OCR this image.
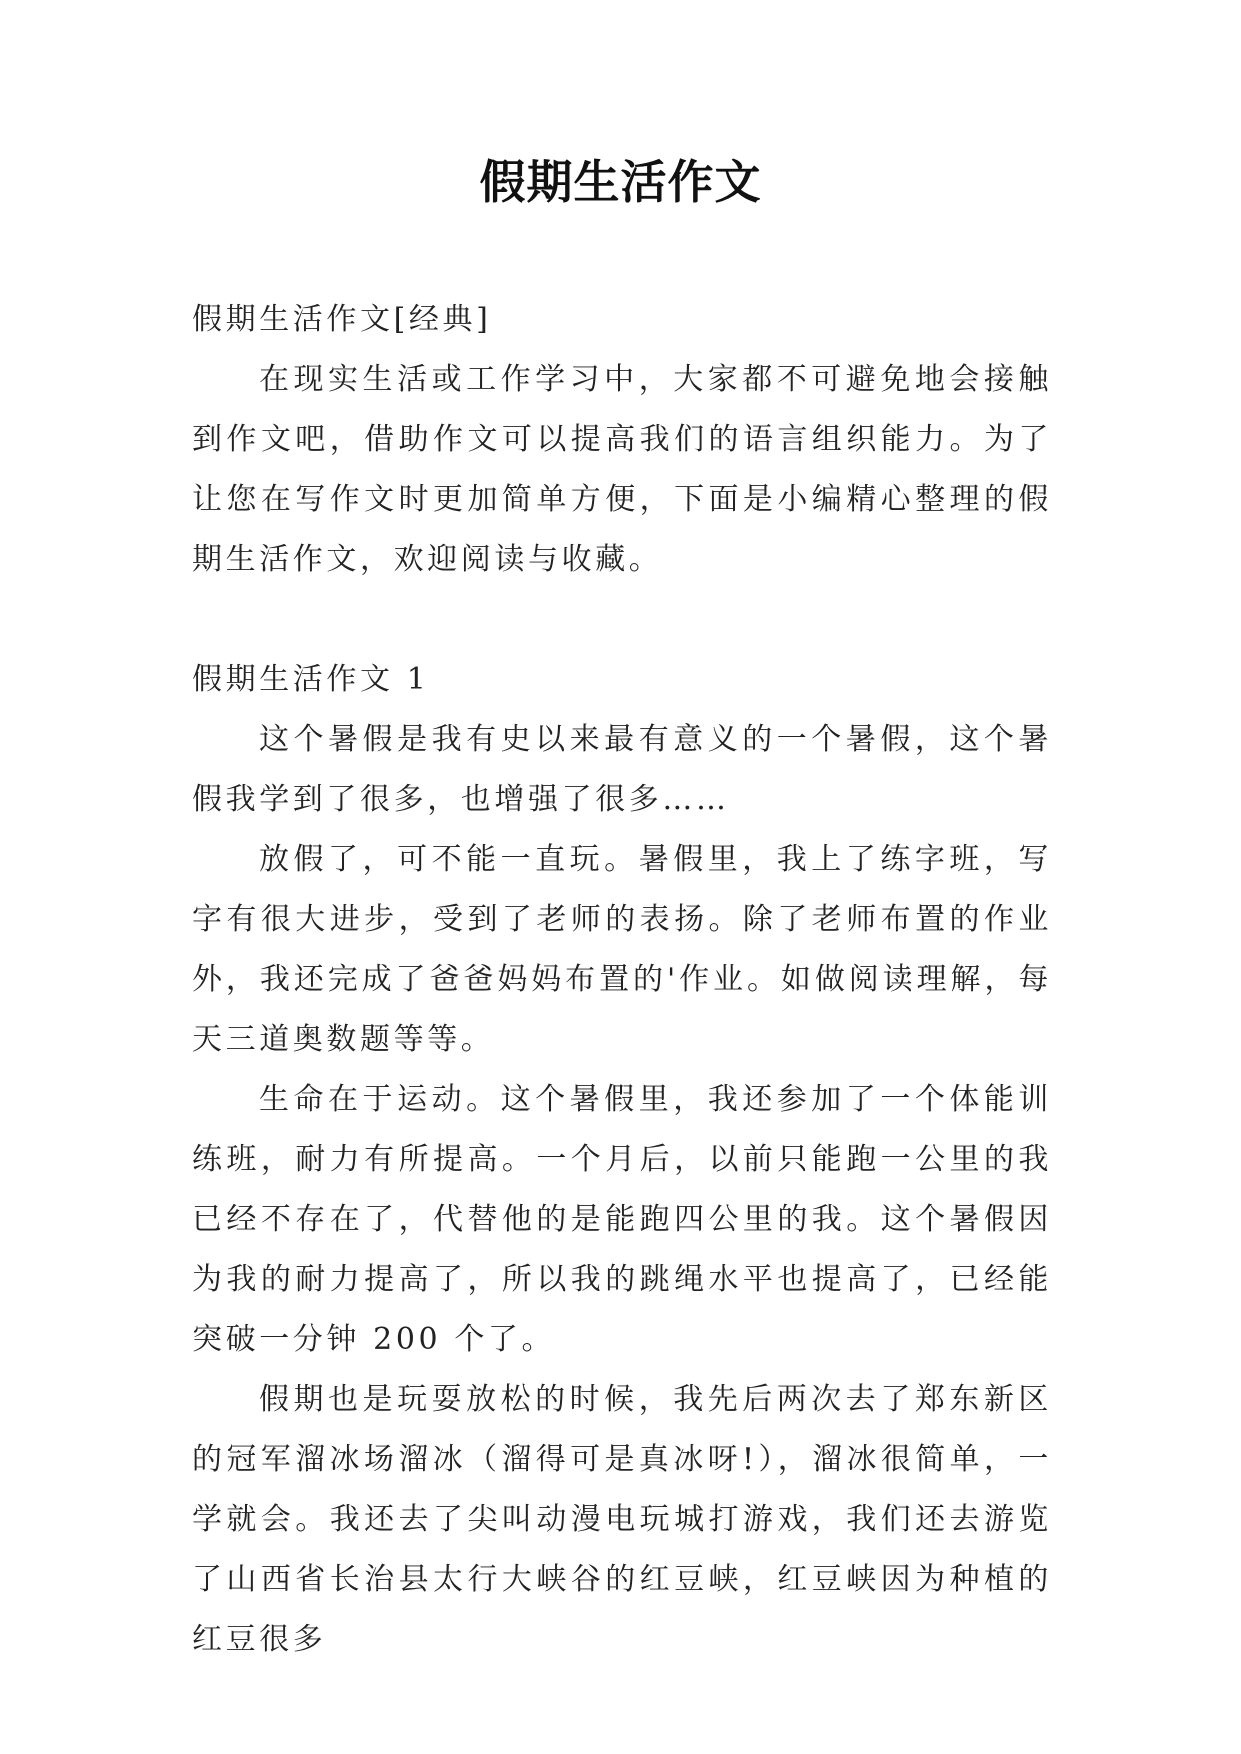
假期生活作文

假期生活作文[经典]

在现实生活或工作学习中，大家都不可避免地会接触到作文吧，借助作文可以提高我们的语言组织能力。为了让您在写作文时更加简单方便，下面是小编精心整理的假期生活作文，欢迎阅读与收藏。

假期生活作文 1

这个暑假是我有史以来最有意义的一个暑假，这个暑假我学到了很多，也增强了很多……

放假了，可不能一直玩。暑假里，我上了练字班，写字有很大进步，受到了老师的表扬。除了老师布置的作业外，我还完成了爸爸妈妈布置的'作业。如做阅读理解，每天三道奥数题等等。

生命在于运动。这个暑假里，我还参加了一个体能训练班，耐力有所提高。一个月后，以前只能跑一公里的我已经不存在了，代替他的是能跑四公里的我。这个暑假因为我的耐力提高了，所以我的跳绳水平也提高了，已经能突破一分钟 200 个了。

假期也是玩耍放松的时候，我先后两次去了郑东新区的冠军溜冰场溜冰（溜得可是真冰呀!），溜冰很简单，一学就会。我还去了尖叫动漫电玩城打游戏，我们还去游览了山西省长治县太行大峡谷的红豆峡，红豆峡因为种植的红豆很多
